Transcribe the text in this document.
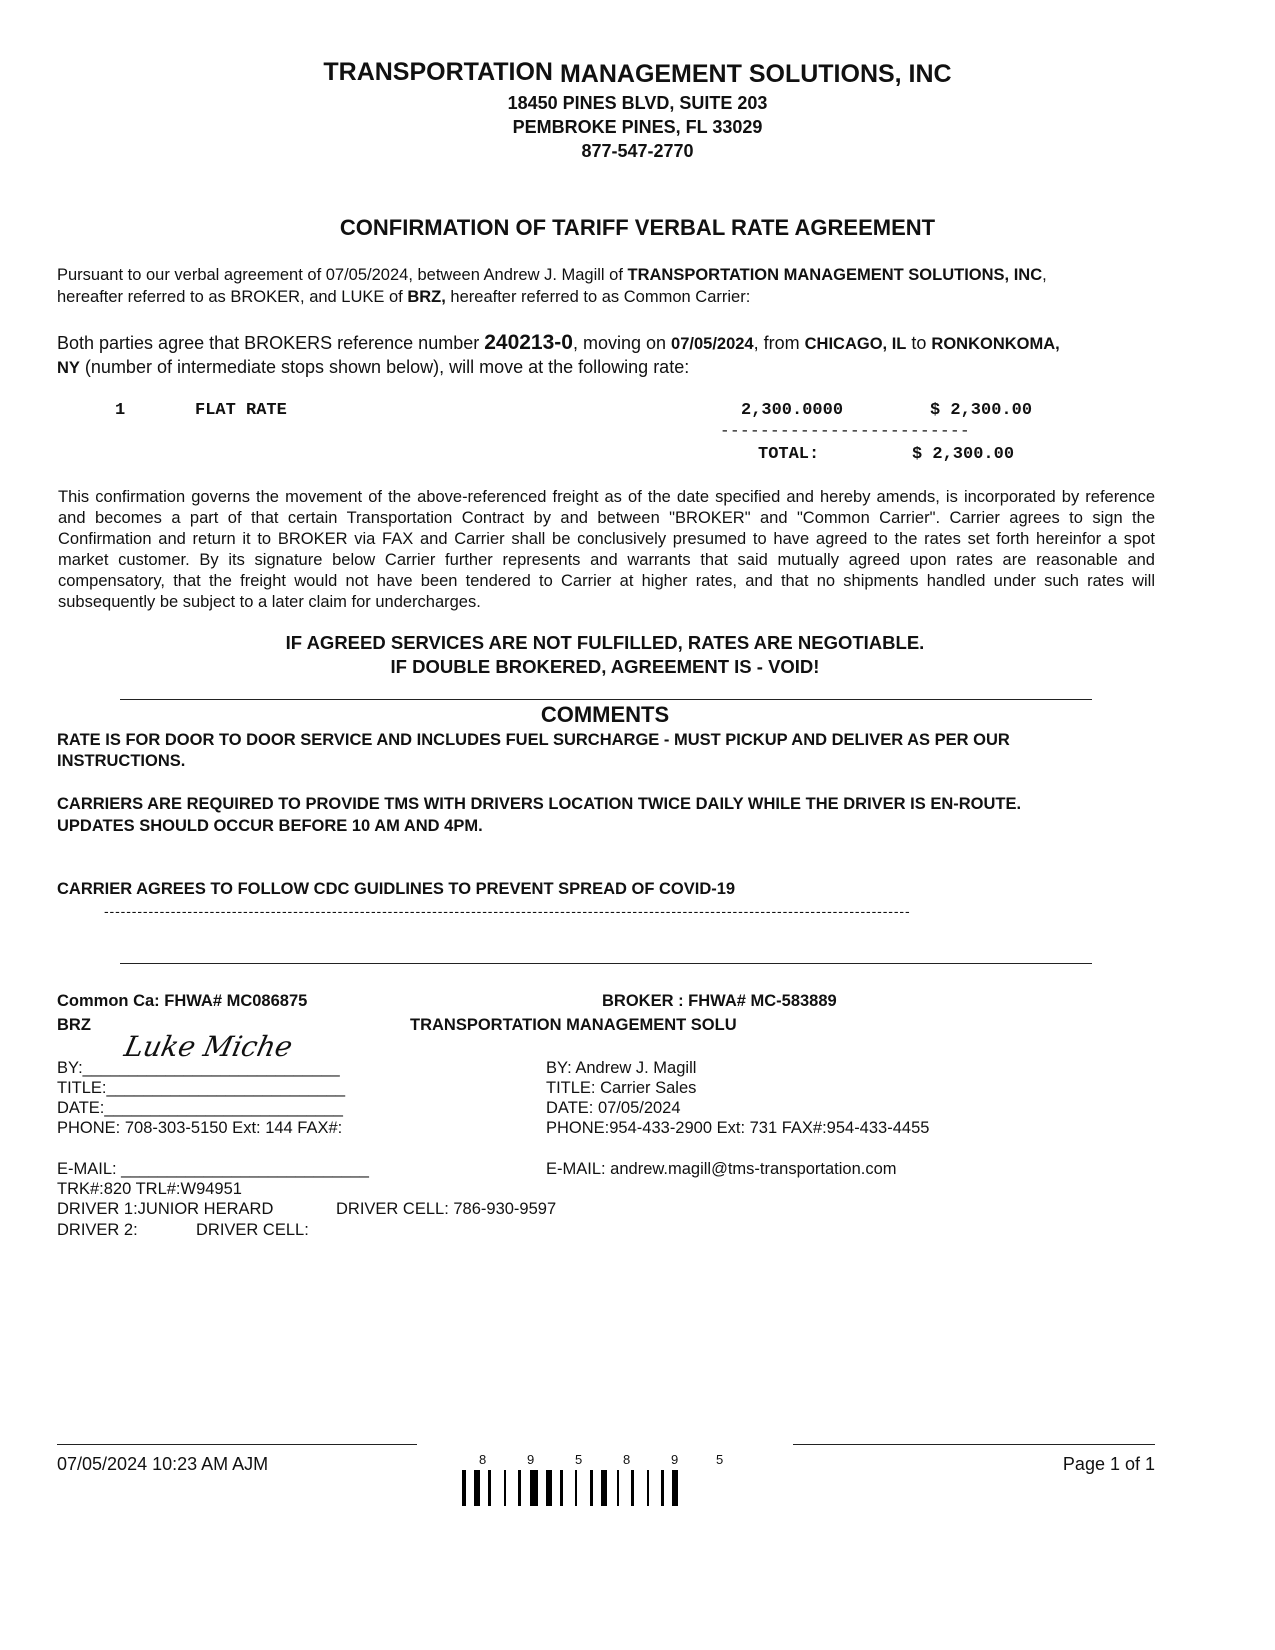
TRANSPORTATION MANAGEMENT SOLUTIONS, INC
18450 PINES BLVD, SUITE 203
PEMBROKE PINES, FL 33029
877-547-2770
CONFIRMATION OF TARIFF VERBAL RATE AGREEMENT
Pursuant to our verbal agreement of 07/05/2024, between Andrew J. Magill of TRANSPORTATION MANAGEMENT SOLUTIONS, INC,
hereafter referred to as BROKER, and LUKE of BRZ, hereafter referred to as Common Carrier:
Both parties agree that BROKERS reference number 240213-0, moving on 07/05/2024, from CHICAGO, IL to RONKONKOMA,
NY (number of intermediate stops shown below), will move at the following rate:
1	FLAT RATE	2,300.0000	$ 2,300.00
-------------------------
TOTAL:	$ 2,300.00
This confirmation governs the movement of the above-referenced freight as of the date specified and hereby amends, is incorporated by reference and becomes a part of that certain Transportation Contract by and between "BROKER" and "Common Carrier". Carrier agrees to sign the Confirmation and return it to BROKER via FAX and Carrier shall be conclusively presumed to have agreed to the rates set forth hereinfor a spot market customer. By its signature below Carrier further represents and warrants that said mutually agreed upon rates are reasonable and compensatory, that the freight would not have been tendered to Carrier at higher rates, and that no shipments handled under such rates will subsequently be subject to a later claim for undercharges.
IF AGREED SERVICES ARE NOT FULFILLED, RATES ARE NEGOTIABLE.
IF DOUBLE BROKERED, AGREEMENT IS - VOID!
COMMENTS
RATE IS FOR DOOR TO DOOR SERVICE AND INCLUDES FUEL SURCHARGE - MUST PICKUP AND DELIVER AS PER OUR
INSTRUCTIONS.
CARRIERS ARE REQUIRED TO PROVIDE TMS WITH DRIVERS LOCATION TWICE DAILY WHILE THE DRIVER IS EN-ROUTE.
UPDATES SHOULD OCCUR BEFORE 10 AM AND 4PM.
CARRIER AGREES TO FOLLOW CDC GUIDLINES TO PREVENT SPREAD OF COVID-19
-------------------------------------------------------------------------------------------------------------------------------------------------
Common Ca: FHWA# MC086875
BRZ
Luke Miche
BY:____________________________
TITLE:__________________________
DATE:__________________________
PHONE: 708-303-5150 Ext: 144 FAX#:
E-MAIL: ___________________________
TRK#:820 TRL#:W94951
DRIVER 1:JUNIOR HERARD	DRIVER CELL: 786-930-9597
DRIVER 2:	DRIVER CELL:
BROKER : FHWA# MC-583889
TRANSPORTATION MANAGEMENT SOLU
BY: Andrew J. Magill
TITLE: Carrier Sales
DATE: 07/05/2024
PHONE:954-433-2900 Ext: 731 FAX#:954-433-4455
E-MAIL: andrew.magill@tms-transportation.com
07/05/2024 10:23 AM AJM	Page 1 of 1
8	9	5	8	9	5
